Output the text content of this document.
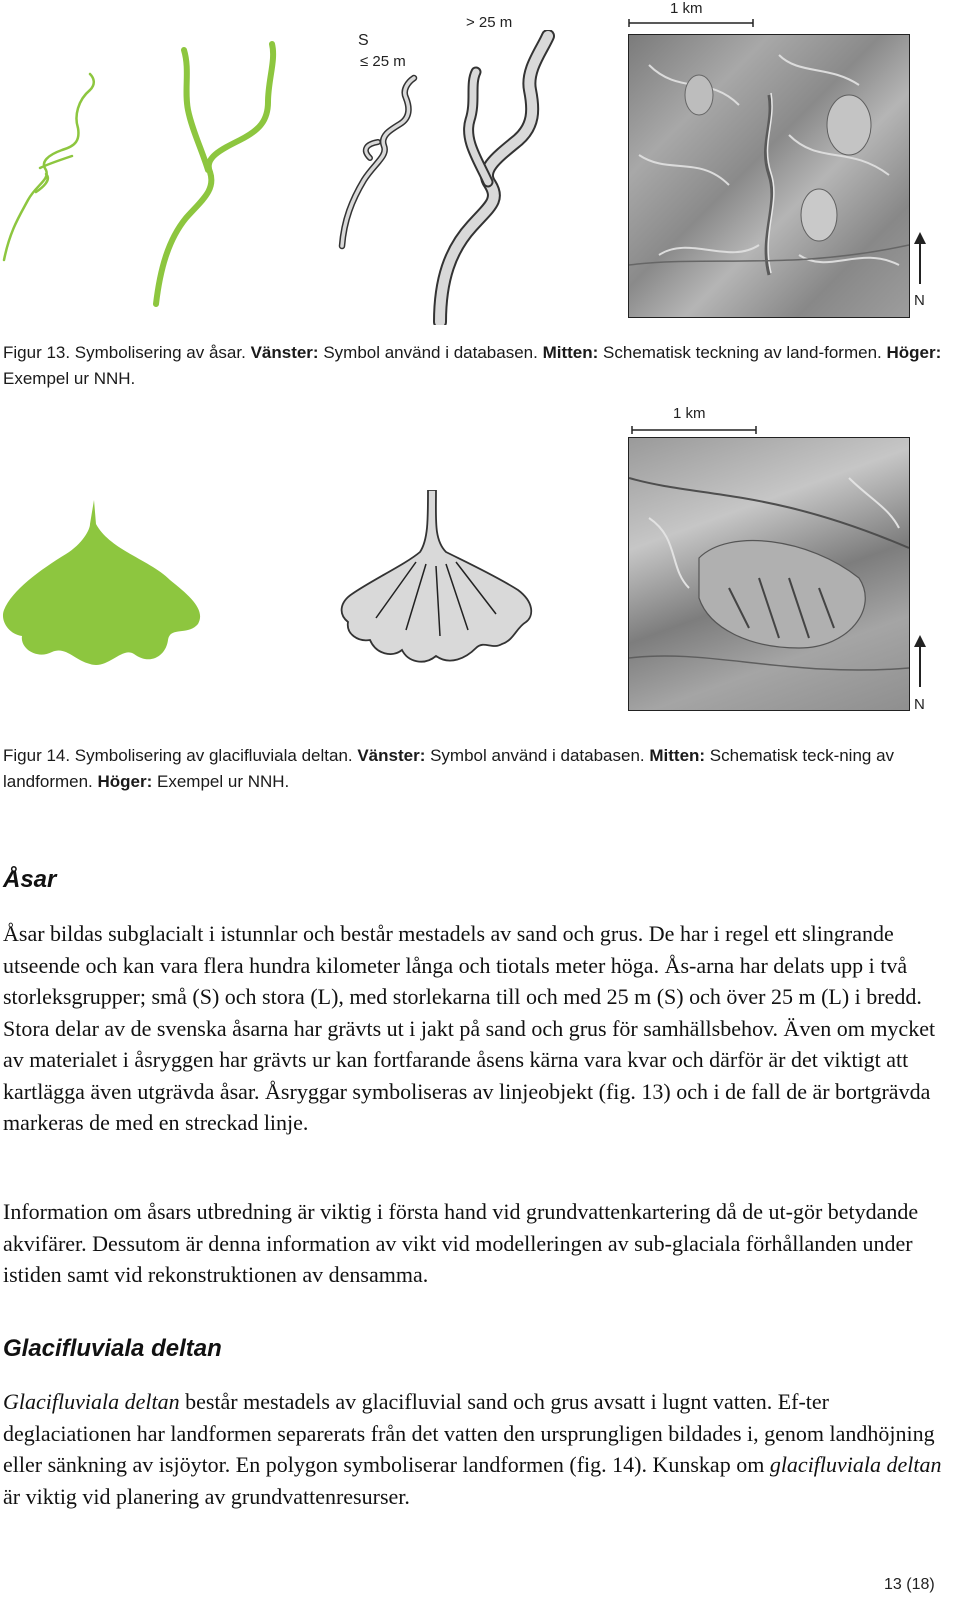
S
≤ 25 m
> 25 m
1 km
N
Figur 13. Symbolisering av åsar. Vänster: Symbol använd i databasen. Mitten: Schematisk teckning av land-formen. Höger: Exempel ur NNH.
1 km
N
Figur 14. Symbolisering av glacifluviala deltan. Vänster: Symbol använd i databasen. Mitten: Schematisk teck-ning av landformen. Höger: Exempel ur NNH.
Åsar
Åsar bildas subglacialt i istunnlar och består mestadels av sand och grus. De har i regel ett slingrande utseende och kan vara flera hundra kilometer långa och tiotals meter höga. Ås-arna har delats upp i två storleksgrupper; små (S) och stora (L), med storlekarna till och med 25 m (S) och över 25 m (L) i bredd. Stora delar av de svenska åsarna har grävts ut i jakt på sand och grus för samhällsbehov. Även om mycket av materialet i åsryggen har grävts ur kan fortfarande åsens kärna vara kvar och därför är det viktigt att kartlägga även utgrävda åsar. Åsryggar symboliseras av linjeobjekt (fig. 13) och i de fall de är bortgrävda markeras de med en streckad linje.
Information om åsars utbredning är viktig i första hand vid grundvattenkartering då de ut-gör betydande akvifärer. Dessutom är denna information av vikt vid modelleringen av sub-glaciala förhållanden under istiden samt vid rekonstruktionen av densamma.
Glacifluviala deltan
Glacifluviala deltan består mestadels av glacifluvial sand och grus avsatt i lugnt vatten. Ef-ter deglaciationen har landformen separerats från det vatten den ursprungligen bildades i, genom landhöjning eller sänkning av isjöytor. En polygon symboliserar landformen (fig. 14). Kunskap om glacifluviala deltan är viktig vid planering av grundvattenresurser.
13 (18)
